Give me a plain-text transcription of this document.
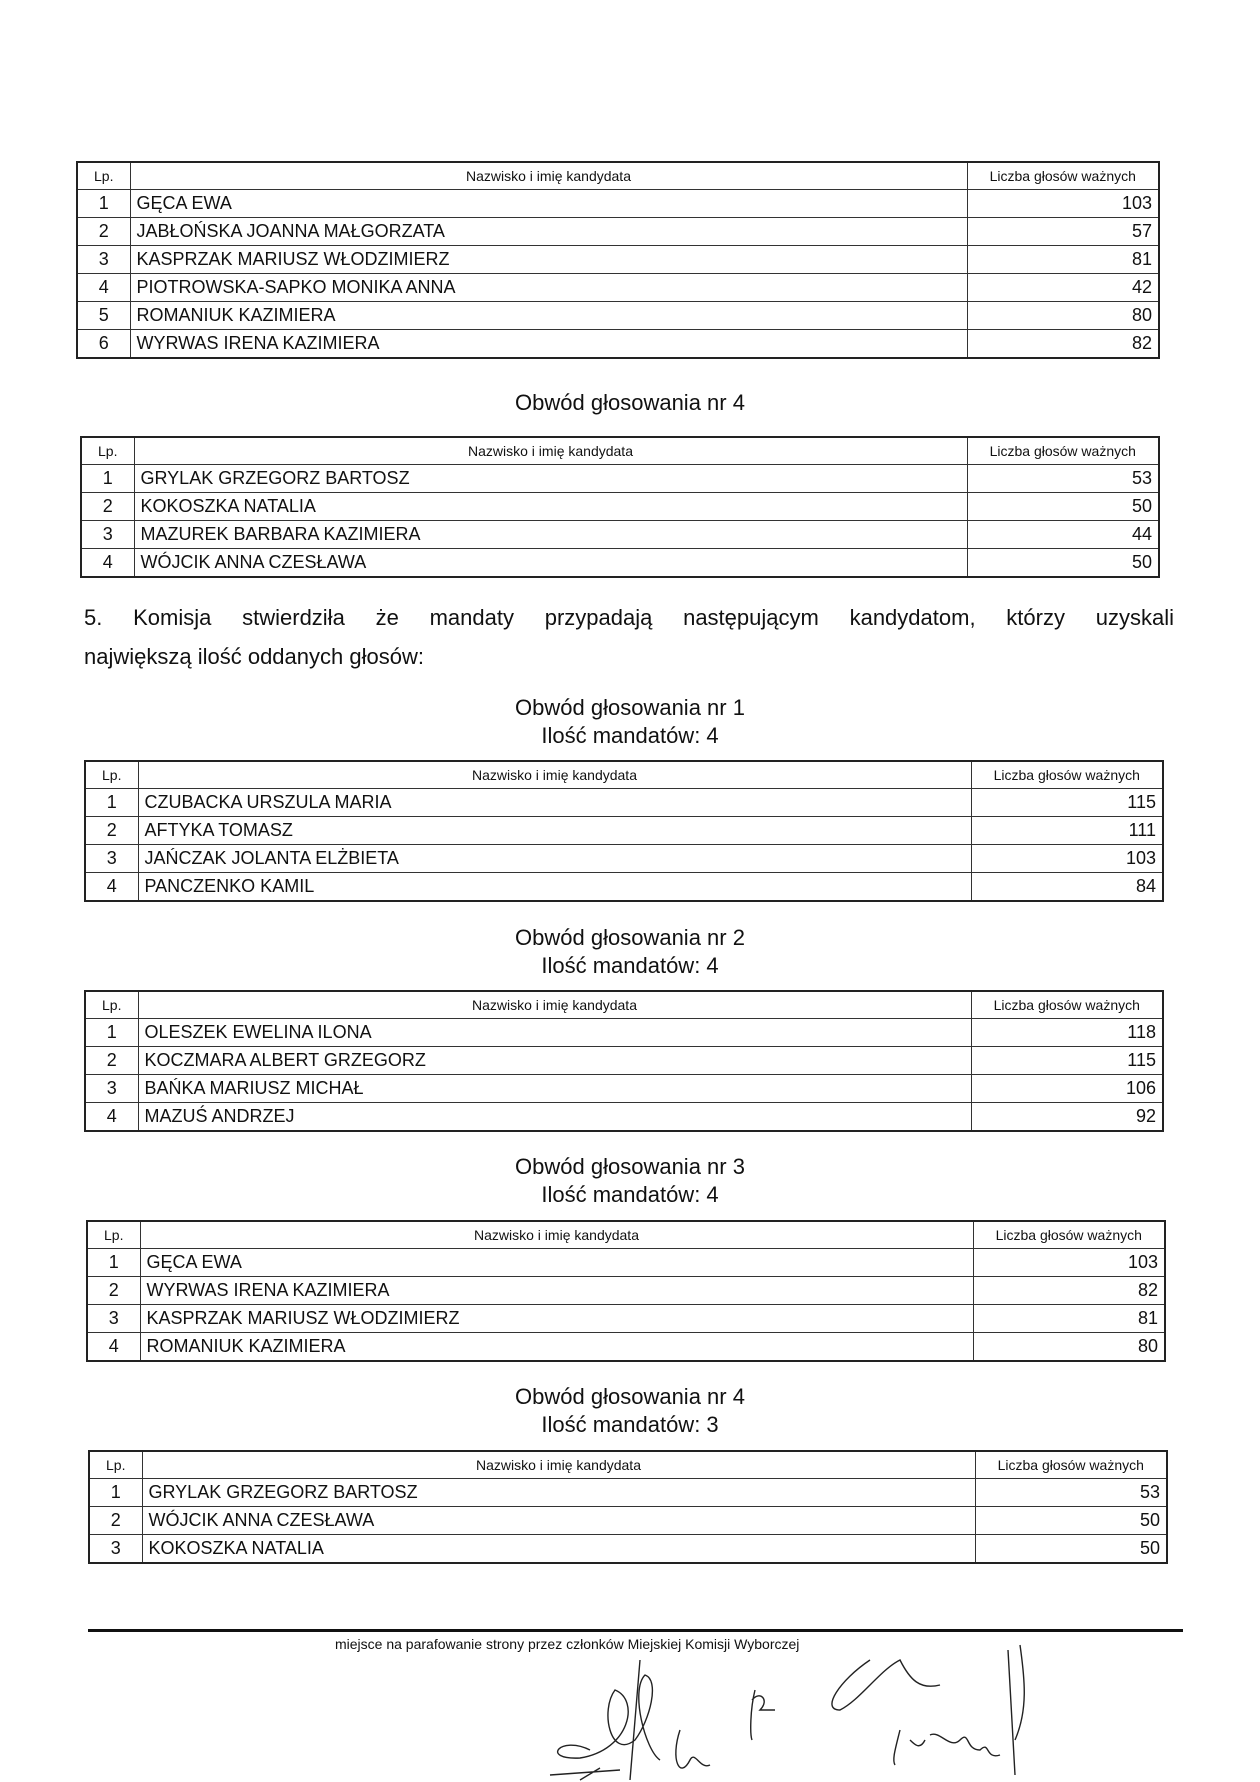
Lp.	Nazwisko i imię kandydata	Liczba głosów ważnych
1	GĘCA EWA	103
2	JABŁOŃSKA JOANNA MAŁGORZATA	57
3	KASPRZAK MARIUSZ WŁODZIMIERZ	81
4	PIOTROWSKA-SAPKO MONIKA ANNA	42
5	ROMANIUK KAZIMIERA	80
6	WYRWAS IRENA KAZIMIERA	82
Obwód głosowania nr 4
Lp.	Nazwisko i imię kandydata	Liczba głosów ważnych
1	GRYLAK GRZEGORZ BARTOSZ	53
2	KOKOSZKA NATALIA	50
3	MAZUREK BARBARA KAZIMIERA	44
4	WÓJCIK ANNA CZESŁAWA	50
5. Komisja stwierdziła że mandaty przypadają następującym kandydatom, którzy uzyskali
największą ilość oddanych głosów:
Obwód głosowania nr 1
Ilość mandatów: 4
Lp.	Nazwisko i imię kandydata	Liczba głosów ważnych
1	CZUBACKA URSZULA MARIA	115
2	AFTYKA TOMASZ	111
3	JAŃCZAK JOLANTA ELŻBIETA	103
4	PANCZENKO KAMIL	84
Obwód głosowania nr 2
Ilość mandatów: 4
Lp.	Nazwisko i imię kandydata	Liczba głosów ważnych
1	OLESZEK EWELINA ILONA	118
2	KOCZMARA ALBERT GRZEGORZ	115
3	BAŃKA MARIUSZ MICHAŁ	106
4	MAZUŚ ANDRZEJ	92
Obwód głosowania nr 3
Ilość mandatów: 4
Lp.	Nazwisko i imię kandydata	Liczba głosów ważnych
1	GĘCA EWA	103
2	WYRWAS IRENA KAZIMIERA	82
3	KASPRZAK MARIUSZ WŁODZIMIERZ	81
4	ROMANIUK KAZIMIERA	80
Obwód głosowania nr 4
Ilość mandatów: 3
Lp.	Nazwisko i imię kandydata	Liczba głosów ważnych
1	GRYLAK GRZEGORZ BARTOSZ	53
2	WÓJCIK ANNA CZESŁAWA	50
3	KOKOSZKA NATALIA	50
miejsce na parafowanie strony przez członków Miejskiej Komisji Wyborczej
